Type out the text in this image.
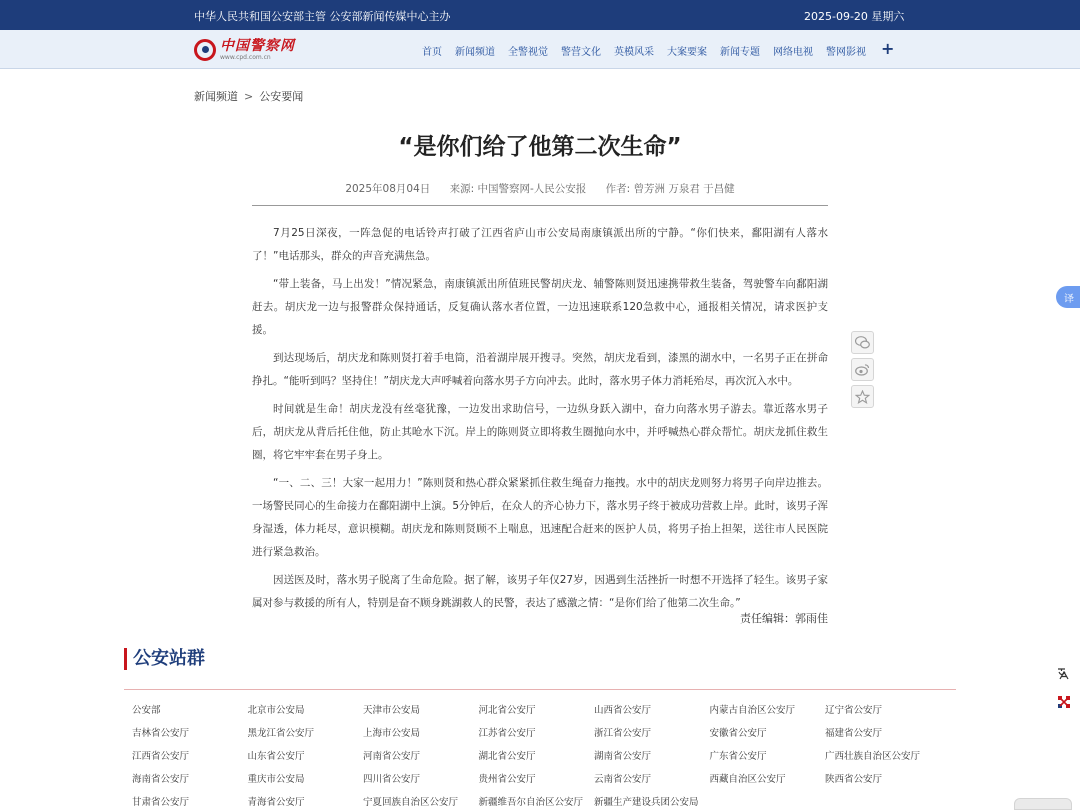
中华人民共和国公安部主管 公安部新闻传媒中心主办	2025-09-20 星期六
中国警察网
www.cpd.com.cn	首页 新闻频道 全警视觉 警营文化 英模风采 大案要案 新闻专题 网络电视 警网影视 +
新闻频道 > 公安要闻
“是你们给了他第二次生命”
2025年08月04日 来源: 中国警察网-人民公安报 作者: 曾芳洲 万泉君 于昌健

7月25日深夜，一阵急促的电话铃声打破了江西省庐山市公安局南康镇派出所的宁静。“你们快来，鄱阳湖有人落水了！”电话那头，群众的声音充满焦急。

“带上装备，马上出发！”情况紧急，南康镇派出所值班民警胡庆龙、辅警陈则贤迅速携带救生装备，驾驶警车向鄱阳湖赶去。胡庆龙一边与报警群众保持通话，反复确认落水者位置，一边迅速联系120急救中心，通报相关情况，请求医护支援。

到达现场后，胡庆龙和陈则贤打着手电筒，沿着湖岸展开搜寻。突然，胡庆龙看到，漆黑的湖水中，一名男子正在拼命挣扎。“能听到吗？坚持住！”胡庆龙大声呼喊着向落水男子方向冲去。此时，落水男子体力消耗殆尽，再次沉入水中。

时间就是生命！胡庆龙没有丝毫犹豫，一边发出求助信号，一边纵身跃入湖中，奋力向落水男子游去。靠近落水男子后，胡庆龙从背后托住他，防止其呛水下沉。岸上的陈则贤立即将救生圈抛向水中，并呼喊热心群众帮忙。胡庆龙抓住救生圈，将它牢牢套在男子身上。

“一、二、三！大家一起用力！”陈则贤和热心群众紧紧抓住救生绳奋力拖拽。水中的胡庆龙则努力将男子向岸边推去。一场警民同心的生命接力在鄱阳湖中上演。5分钟后，在众人的齐心协力下，落水男子终于被成功营救上岸。此时，该男子浑身湿透，体力耗尽，意识模糊。胡庆龙和陈则贤顾不上喘息，迅速配合赶来的医护人员，将男子抬上担架，送往市人民医院进行紧急救治。

因送医及时，落水男子脱离了生命危险。据了解，该男子年仅27岁，因遇到生活挫折一时想不开选择了轻生。该男子家属对参与救援的所有人，特别是奋不顾身跳湖救人的民警，表达了感激之情：“是你们给了他第二次生命。”

责任编辑：郭雨佳
译
公安站群
公安部	北京市公安局	天津市公安局	河北省公安厅	山西省公安厅	内蒙古自治区公安厅	辽宁省公安厅
吉林省公安厅	黑龙江省公安厅	上海市公安局	江苏省公安厅	浙江省公安厅	安徽省公安厅	福建省公安厅
江西省公安厅	山东省公安厅	河南省公安厅	湖北省公安厅	湖南省公安厅	广东省公安厅	广西壮族自治区公安厅
海南省公安厅	重庆市公安局	四川省公安厅	贵州省公安厅	云南省公安厅	西藏自治区公安厅	陕西省公安厅
甘肃省公安厅	青海省公安厅	宁夏回族自治区公安厅	新疆维吾尔自治区公安厅	新疆生产建设兵团公安局
